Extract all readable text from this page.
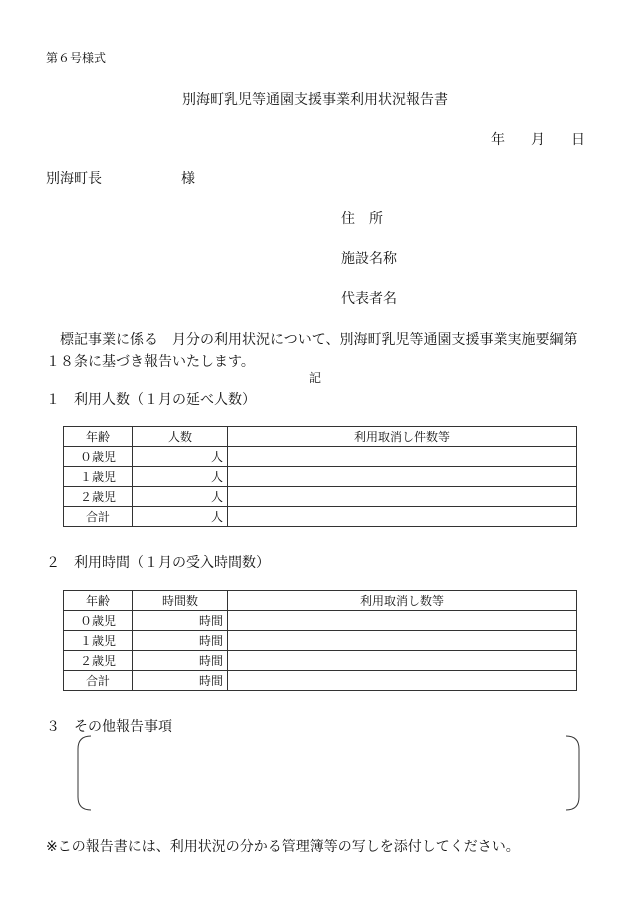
第６号様式
別海町乳児等通園支援事業利用状況報告書
年 月 日
別海町長	様
住　所
施設名称
代表者名
標記事業に係る　月分の利用状況について、別海町乳児等通園支援事業実施要綱第１８条に基づき報告いたします。
記
１　利用人数（１月の延べ人数）
年齢	人数	利用取消し件数等
０歳児	人	
１歳児	人	
２歳児	人	
合計	人	
２　利用時間（１月の受入時間数）
年齢	時間数	利用取消し数等
０歳児	時間	
１歳児	時間	
２歳児	時間	
合計	時間	
３　その他報告事項
※この報告書には、利用状況の分かる管理簿等の写しを添付してください。
